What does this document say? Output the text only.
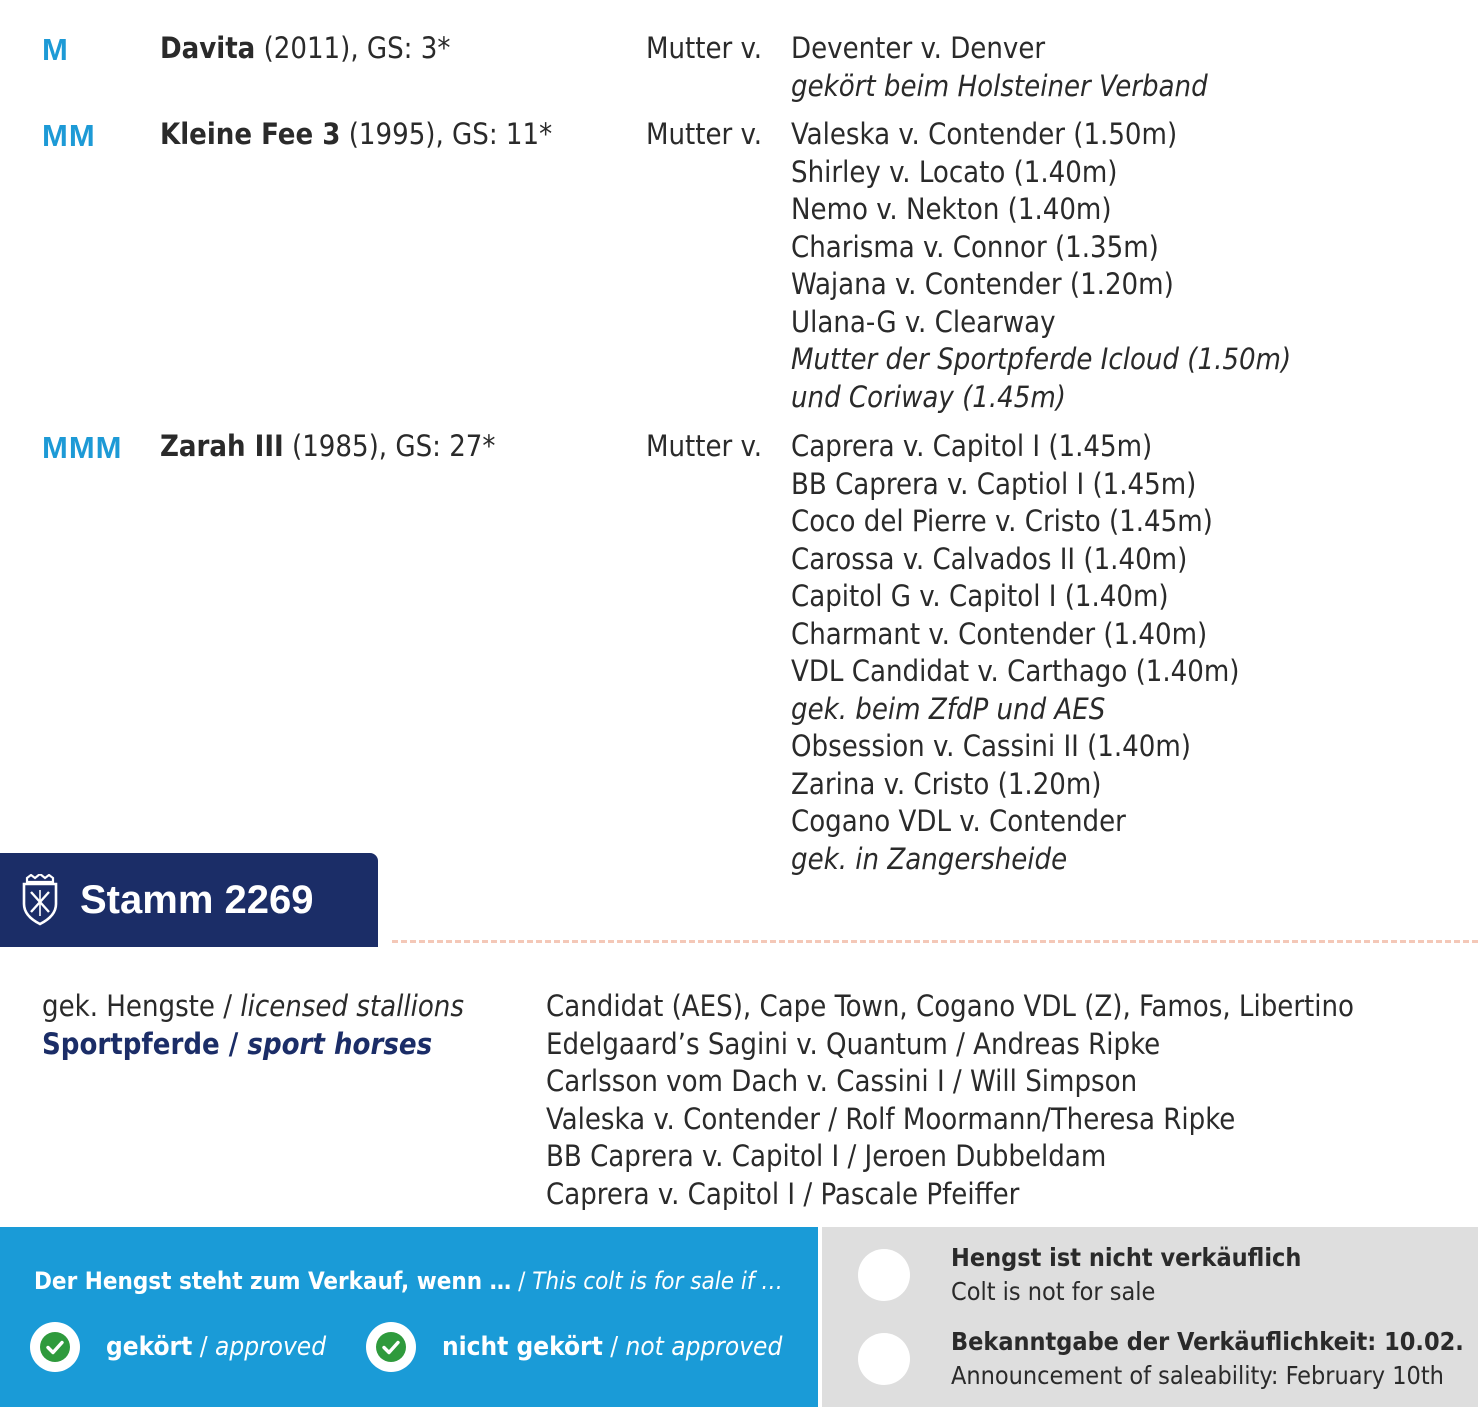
M	Davita (2011), GS: 3*	Mutter v. Deventer v. Denver
gekört beim Holsteiner Verband
MM Kleine Fee 3 (1995), GS: 11*	Mutter v. Valeska v. Contender (1.50m)
Shirley v. Locato (1.40m)
Nemo v. Nekton (1.40m)
Charisma v. Connor (1.35m)
Wajana v. Contender (1.20m)
Ulana-G v. Clearway
Mutter der Sportpferde Icloud (1.50m)
und Coriway (1.45m)
MMM Zarah III (1985), GS: 27*	Mutter v. Caprera v. Capitol I (1.45m)
BB Caprera v. Captiol I (1.45m)
Coco del Pierre v. Cristo (1.45m)
Carossa v. Calvados II (1.40m)
Capitol G v. Capitol I (1.40m)
Charmant v. Contender (1.40m)
VDL Candidat v. Carthago (1.40m)
gek. beim ZfdP und AES
Obsession v. Cassini II (1.40m)
Zarina v. Cristo (1.20m)
Cogano VDL v. Contender
gek. in Zangersheide
Stamm 2269
gek. Hengste / licensed stallions
Sportpferde / sport horses
Candidat (AES), Cape Town, Cogano VDL (Z), Famos, Libertino
Edelgaard’s Sagini v. Quantum / Andreas Ripke
Carlsson vom Dach v. Cassini I / Will Simpson
Valeska v. Contender / Rolf Moormann/Theresa Ripke
BB Caprera v. Capitol I / Jeroen Dubbeldam
Caprera v. Capitol I / Pascale Pfeiffer
Der Hengst steht zum Verkauf, wenn … / This colt is for sale if …
gekört / approved	nicht gekört / not approved
Hengst ist nicht verkäuflich
Colt is not for sale
Bekanntgabe der Verkäuflichkeit: 10.02.
Announcement of saleability: February 10th
